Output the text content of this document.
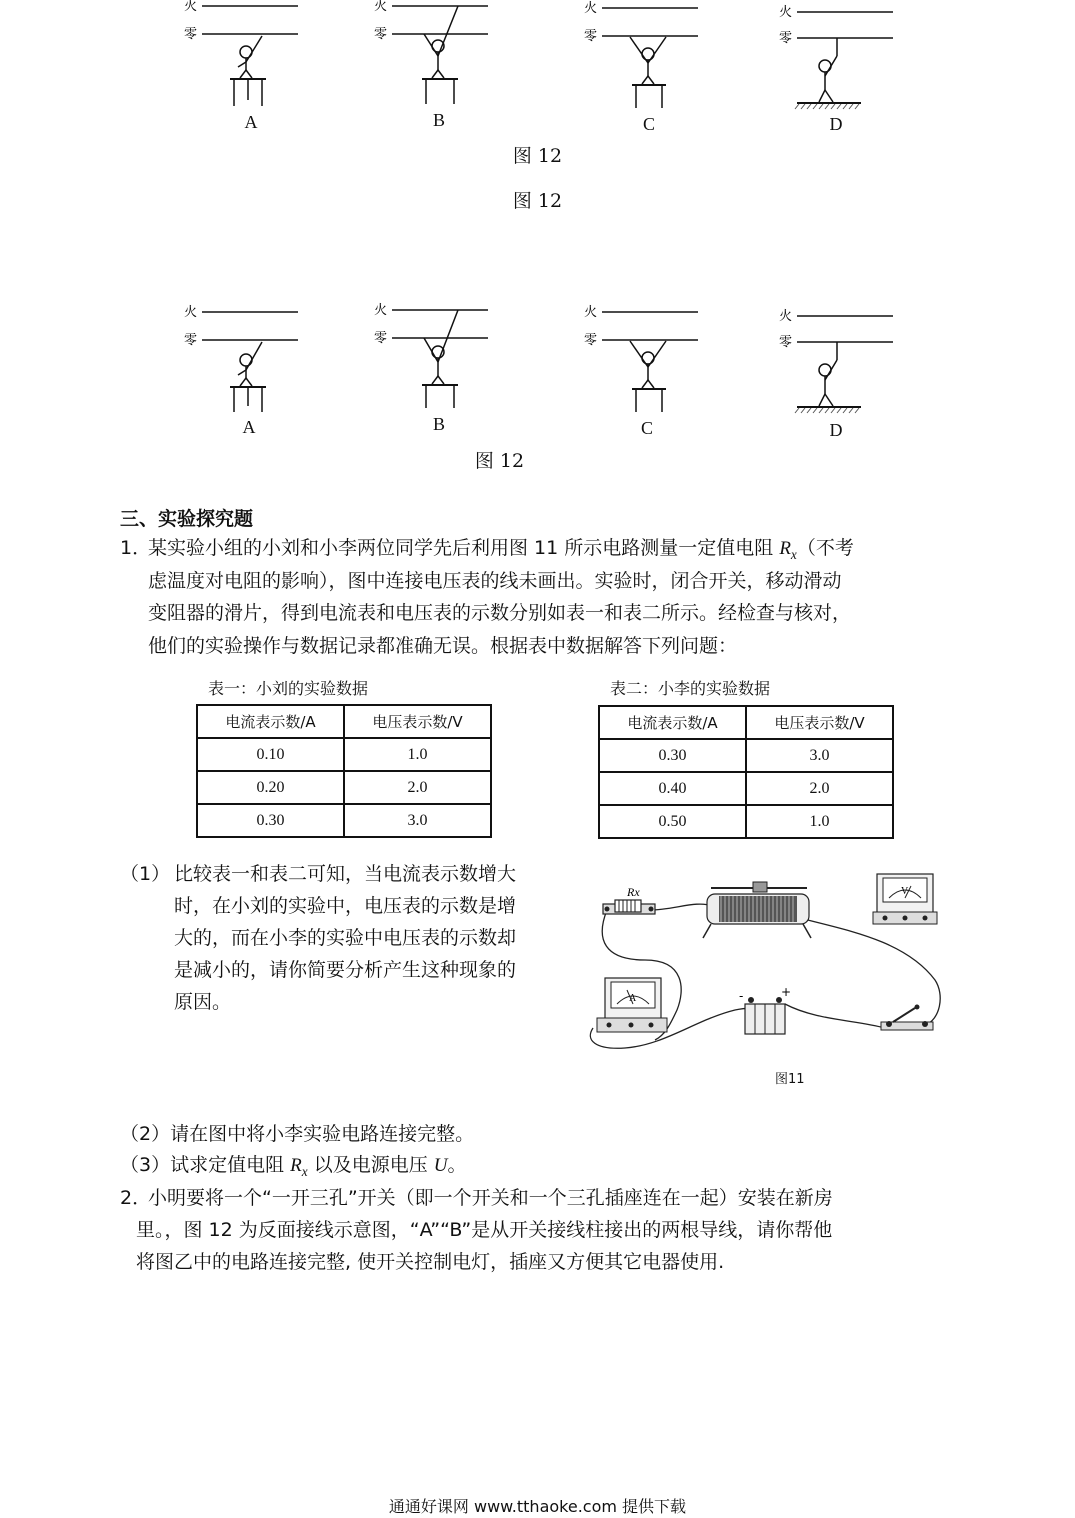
火
零
A
火
零
B
火
零
C
火
零
D
图 12
图 12
火
零
A
火
零
B
火
零
C
火
零
D
图 12
三、实验探究题
1．
某实验小组的小刘和小李两位同学先后利用图 11 所示电路测量一定值电阻 $R_x$（不考
虑温度对电阻的影响），图中连接电压表的线未画出。实验时，闭合开关，移动滑动
变阻器的滑片，得到电流表和电压表的示数分别如表一和表二所示。经检查与核对，
他们的实验操作与数据记录都准确无误。根据表中数据解答下列问题：
表一：小刘的实验数据
电流表示数/A	电压表示数/V
0.10	1.0
0.20	2.0
0.30	3.0
表二：小李的实验数据
电流表示数/A	电压表示数/V
0.30	3.0
0.40	2.0
0.50	1.0
（1） 比较表一和表二可知，当电流表示数增大
时，在小刘的实验中，电压表的示数是增
大的，而在小李的实验中电压表的示数却
是减小的，请你简要分析产生这种现象的
原因。
Rx	V
A	-	+
图11
（2）请在图中将小李实验电路连接完整。
（3）试求定值电阻 $R_x$ 以及电源电压 U。
2．
小明要将一个“一开三孔”开关（即一个开关和一个三孔插座连在一起）安装在新房
里。，图 12 为反面接线示意图，“A”“B”是从开关接线柱接出的两根导线，请你帮他
将图乙中的电路连接完整, 使开关控制电灯，插座又方便其它电器使用.
通通好课网 www.tthaoke.com 提供下载
